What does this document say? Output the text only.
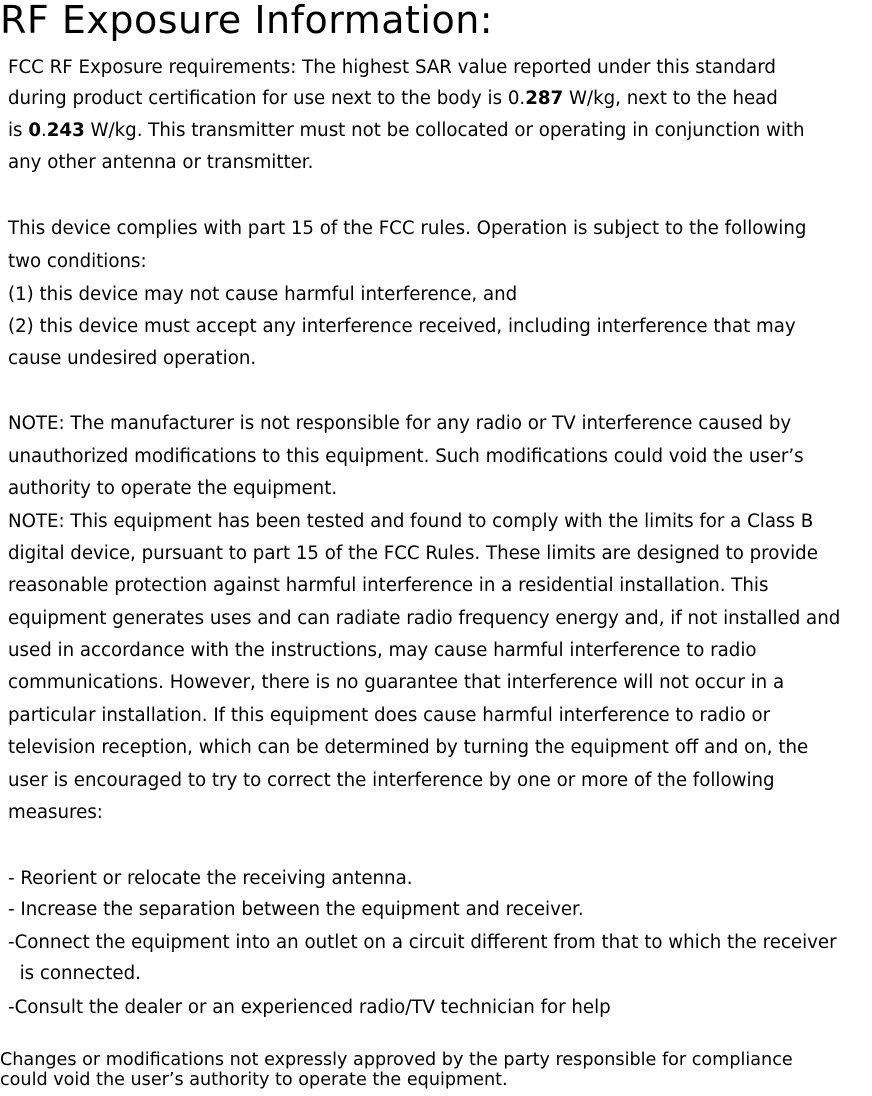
RF Exposure Information:
FCC RF Exposure requirements: The highest SAR value reported under this standard
during product certification for use next to the body is 0.287 W/kg, next to the head
is 0.243 W/kg. This transmitter must not be collocated or operating in conjunction with
any other antenna or transmitter.
This device complies with part 15 of the FCC rules. Operation is subject to the following
two conditions:
(1) this device may not cause harmful interference, and
(2) this device must accept any interference received, including interference that may
cause undesired operation.
NOTE: The manufacturer is not responsible for any radio or TV interference caused by
unauthorized modifications to this equipment. Such modifications could void the user’s
authority to operate the equipment.
NOTE: This equipment has been tested and found to comply with the limits for a Class B
digital device, pursuant to part 15 of the FCC Rules. These limits are designed to provide
reasonable protection against harmful interference in a residential installation. This
equipment generates uses and can radiate radio frequency energy and, if not installed and
used in accordance with the instructions, may cause harmful interference to radio
communications. However, there is no guarantee that interference will not occur in a
particular installation. If this equipment does cause harmful interference to radio or
television reception, which can be determined by turning the equipment off and on, the
user is encouraged to try to correct the interference by one or more of the following
measures:
- Reorient or relocate the receiving antenna.
- Increase the separation between the equipment and receiver.
-Connect the equipment into an outlet on a circuit different from that to which the receiver
is connected.
-Consult the dealer or an experienced radio/TV technician for help
Changes or modifications not expressly approved by the party responsible for compliance
could void the user’s authority to operate the equipment.
